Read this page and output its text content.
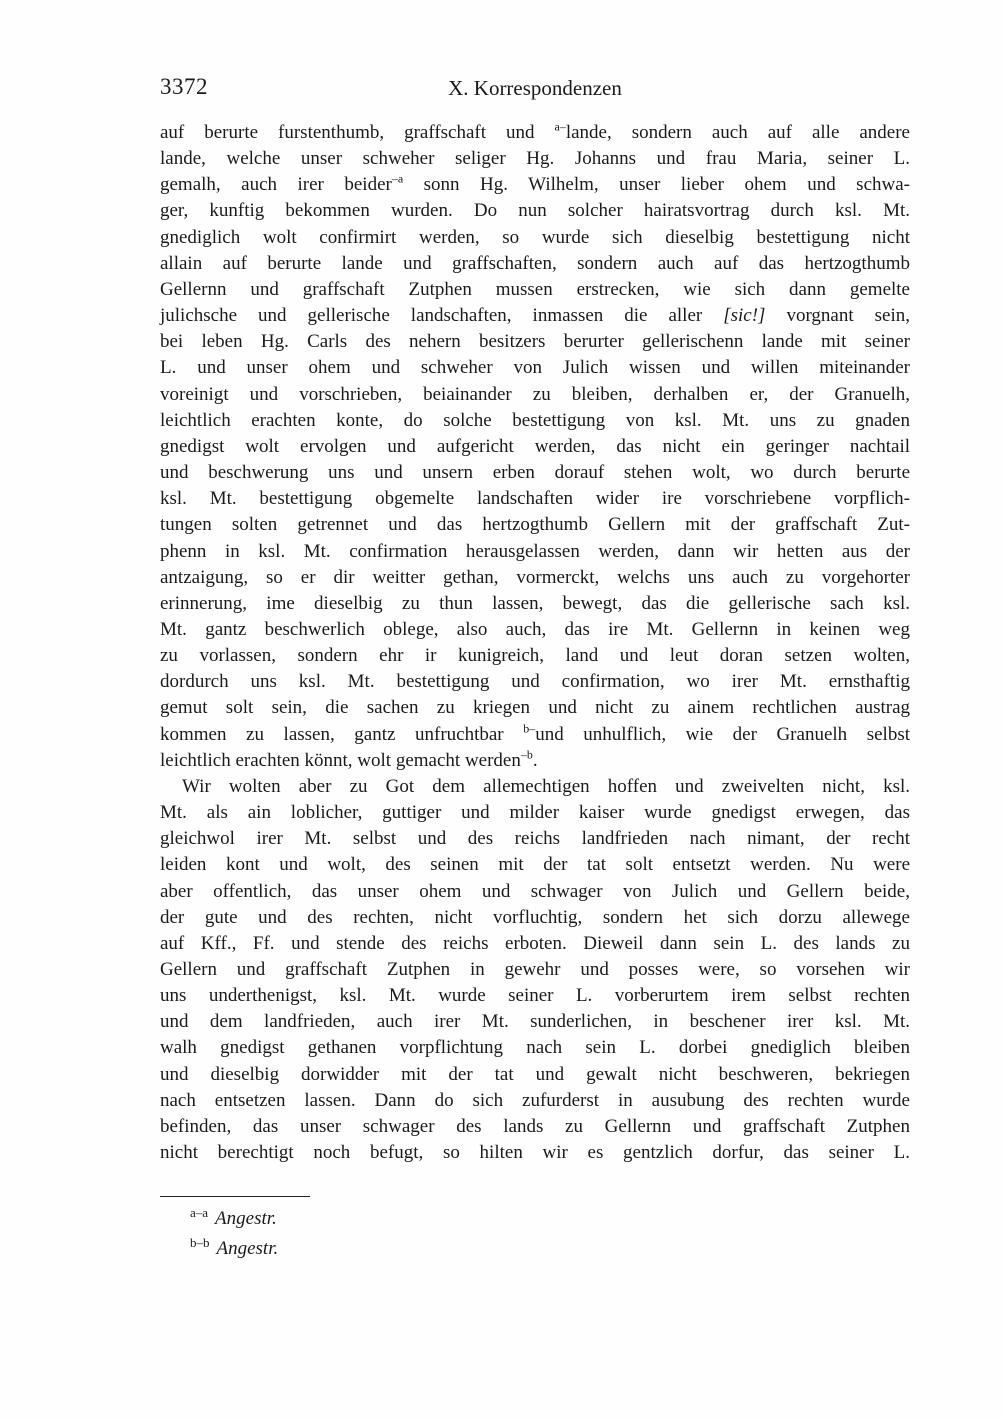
3372	X. Korrespondenzen
auf berurte furstenthumb, graffschaft und $^{a-}$lande, sondern auch auf alle andere
lande, welche unser schweher seliger Hg. Johanns und frau Maria, seiner L.
gemalh, auch irer beider$^{-a}$ sonn Hg. Wilhelm, unser lieber ohem und schwa-
ger, kunftig bekommen wurden. Do nun solcher hairatsvortrag durch ksl. Mt.
gnediglich wolt confirmirt werden, so wurde sich dieselbig bestettigung nicht
allain auf berurte lande und graffschaften, sondern auch auf das hertzogthumb
Gellernn und graffschaft Zutphen mussen erstrecken, wie sich dann gemelte
julichsche und gellerische landschaften, inmassen die aller [sic!] vorgnant sein,
bei leben Hg. Carls des nehern besitzers berurter gellerischenn lande mit seiner
L. und unser ohem und schweher von Julich wissen und willen miteinander
voreinigt und vorschrieben, beiainander zu bleiben, derhalben er, der Granuelh,
leichtlich erachten konte, do solche bestettigung von ksl. Mt. uns zu gnaden
gnedigst wolt ervolgen und aufgericht werden, das nicht ein geringer nachtail
und beschwerung uns und unsern erben dorauf stehen wolt, wo durch berurte
ksl. Mt. bestettigung obgemelte landschaften wider ire vorschriebene vorpflich-
tungen solten getrennet und das hertzogthumb Gellern mit der graffschaft Zut-
phenn in ksl. Mt. confirmation herausgelassen werden, dann wir hetten aus der
antzaigung, so er dir weitter gethan, vormerckt, welchs uns auch zu vorgehorter
erinnerung, ime dieselbig zu thun lassen, bewegt, das die gellerische sach ksl.
Mt. gantz beschwerlich oblege, also auch, das ire Mt. Gellernn in keinen weg
zu vorlassen, sondern ehr ir kunigreich, land und leut doran setzen wolten,
dordurch uns ksl. Mt. bestettigung und confirmation, wo irer Mt. ernsthaftig
gemut solt sein, die sachen zu kriegen und nicht zu ainem rechtlichen austrag
kommen zu lassen, gantz unfruchtbar $^{b-}$und unhulflich, wie der Granuelh selbst
leichtlich erachten könnt, wolt gemacht werden$^{-b}$.
Wir wolten aber zu Got dem allemechtigen hoffen und zweivelten nicht, ksl.
Mt. als ain loblicher, guttiger und milder kaiser wurde gnedigst erwegen, das
gleichwol irer Mt. selbst und des reichs landfrieden nach nimant, der recht
leiden kont und wolt, des seinen mit der tat solt entsetzt werden. Nu were
aber offentlich, das unser ohem und schwager von Julich und Gellern beide,
der gute und des rechten, nicht vorfluchtig, sondern het sich dorzu allewege
auf Kff., Ff. und stende des reichs erboten. Dieweil dann sein L. des lands zu
Gellern und graffschaft Zutphen in gewehr und posses were, so vorsehen wir
uns underthenigst, ksl. Mt. wurde seiner L. vorberurtem irem selbst rechten
und dem landfrieden, auch irer Mt. sunderlichen, in beschener irer ksl. Mt.
walh gnedigst gethanen vorpflichtung nach sein L. dorbei gnediglich bleiben
und dieselbig dorwidder mit der tat und gewalt nicht beschweren, bekriegen
nach entsetzen lassen. Dann do sich zufurderst in ausubung des rechten wurde
befinden, das unser schwager des lands zu Gellernn und graffschaft Zutphen
nicht berechtigt noch befugt, so hilten wir es gentzlich dorfur, das seiner L.
$^{a-a}$ Angestr.
$^{b-b}$ Angestr.
